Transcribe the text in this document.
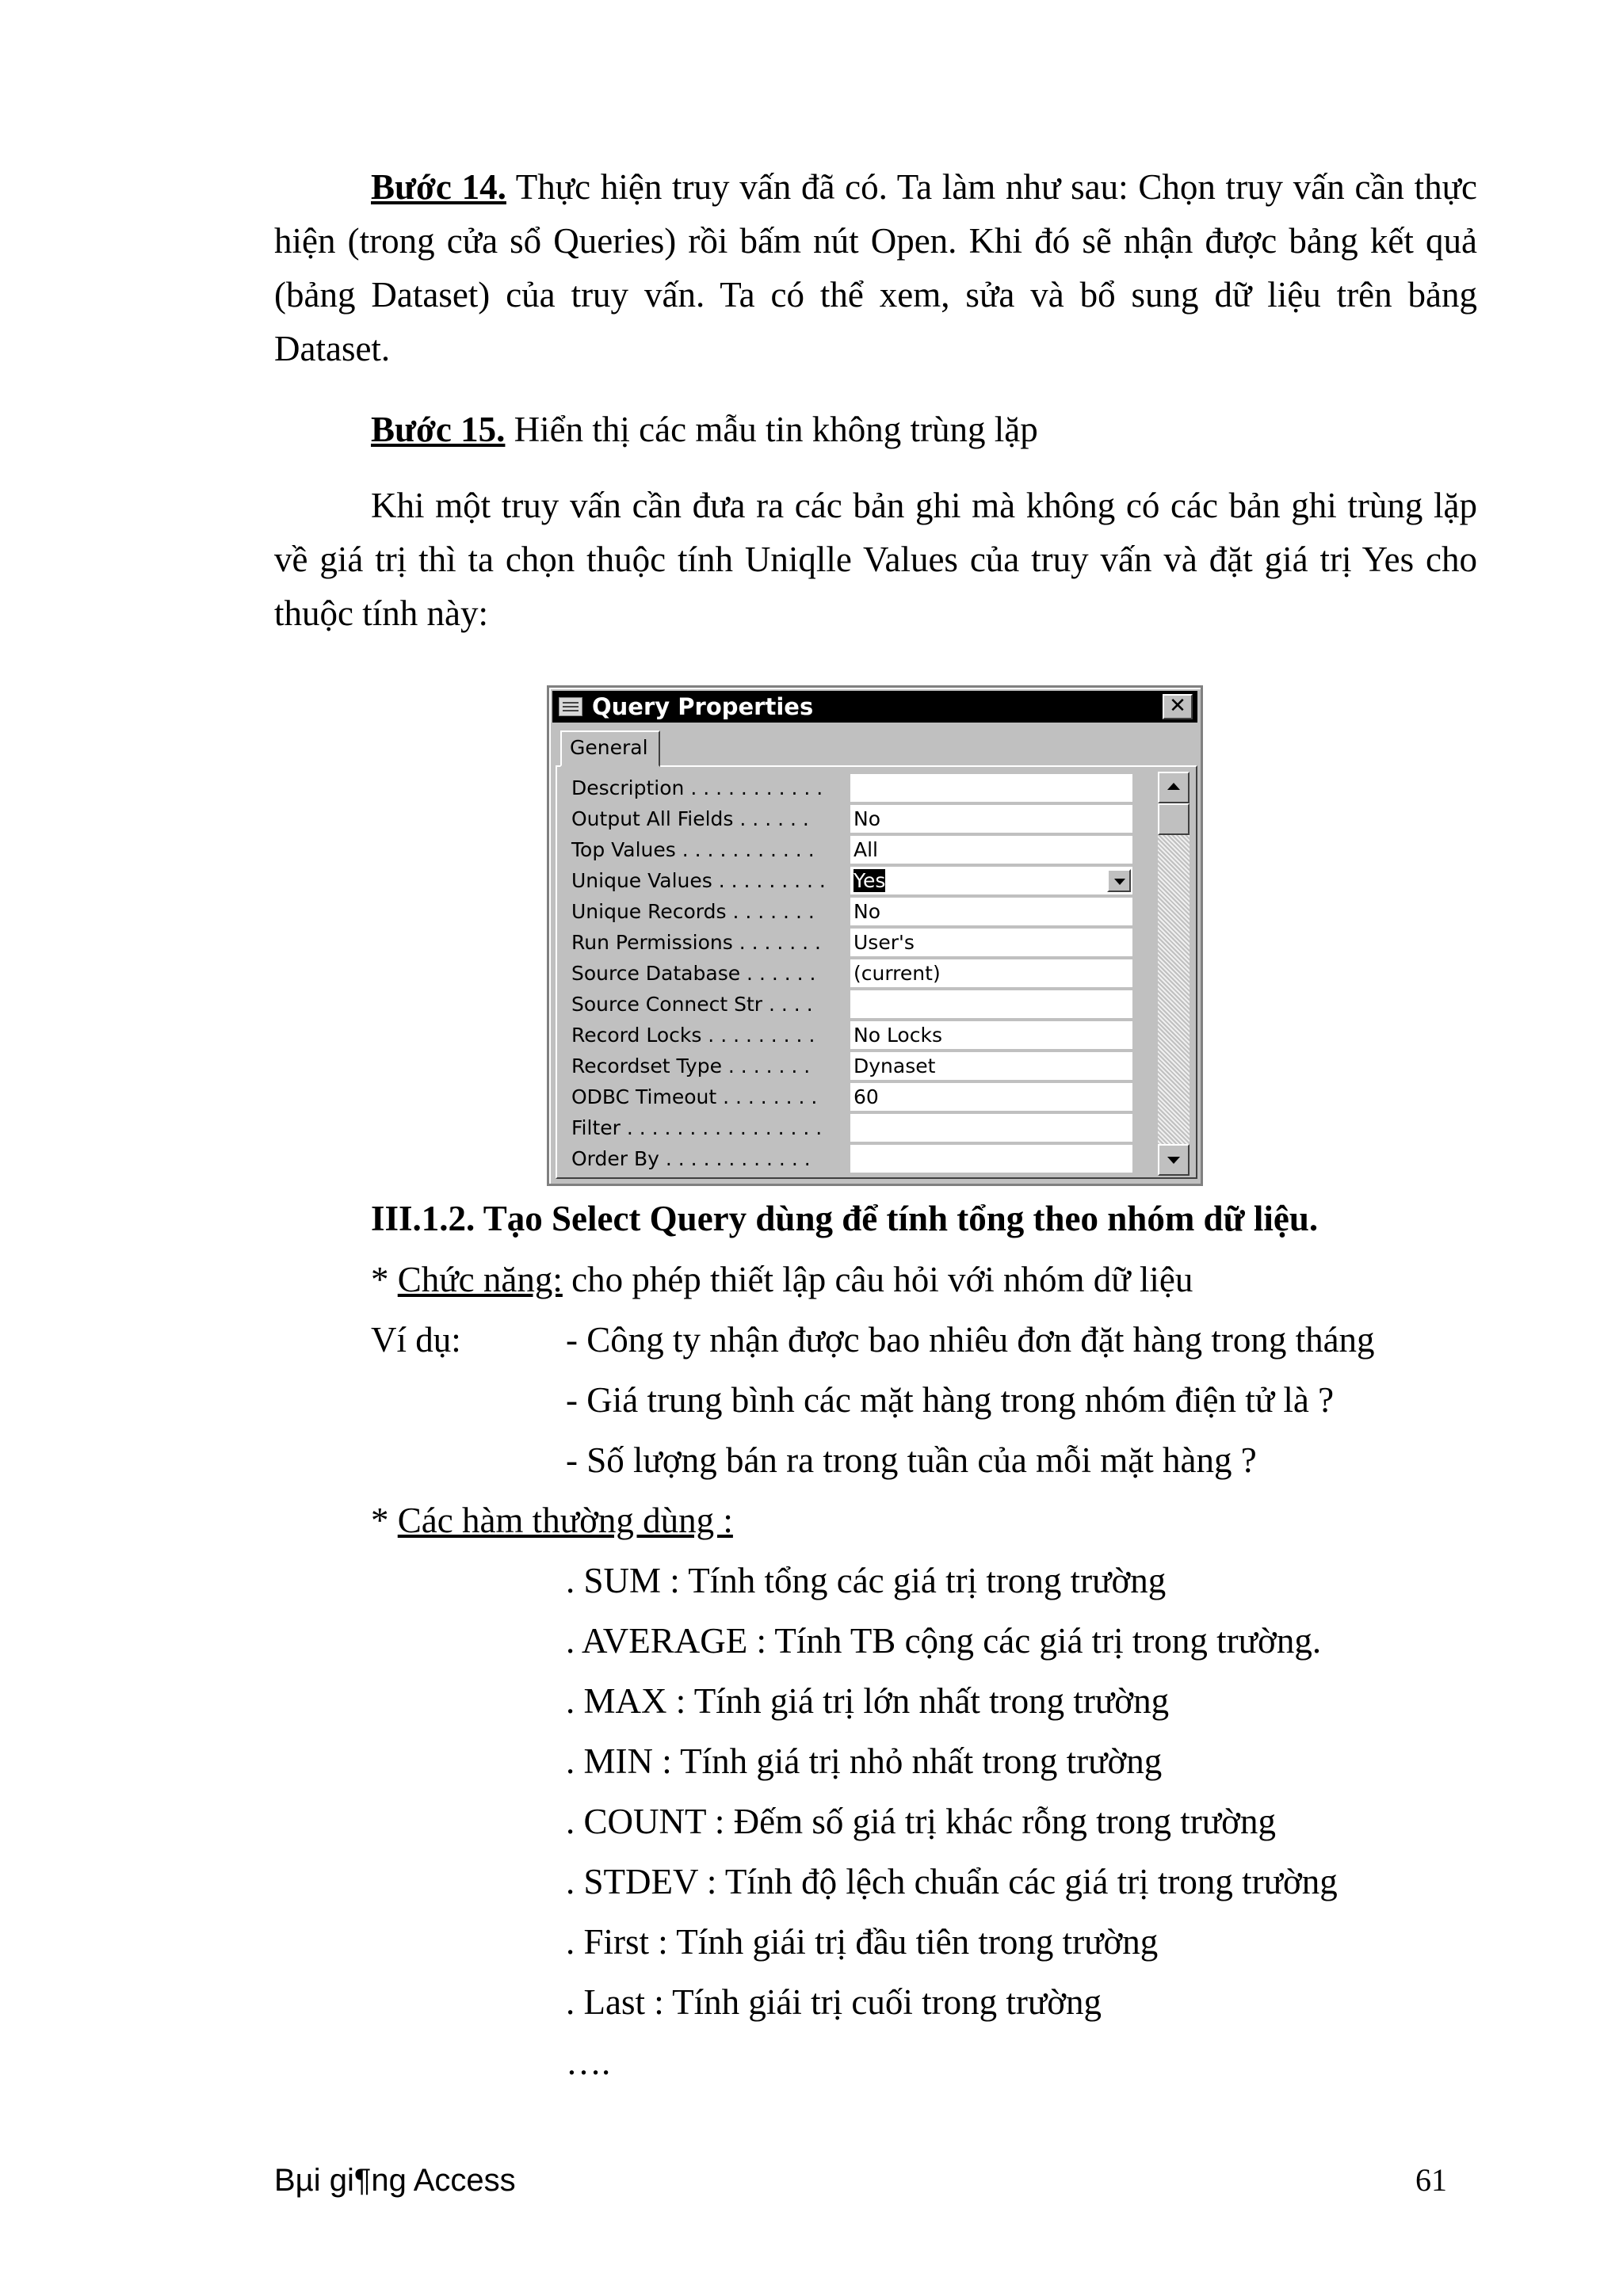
Bước 14. Thực hiện truy vấn đã có. Ta làm như sau: Chọn truy vấn cần thực hiện (trong cửa sổ Queries) rồi bấm nút Open. Khi đó sẽ nhận được bảng kết quả (bảng Dataset) của truy vấn. Ta có thể xem, sửa và bổ sung dữ liệu trên bảng Dataset.

Bước 15. Hiển thị các mẫu tin không trùng lặp

Khi một truy vấn cần đưa ra các bản ghi mà không có các bản ghi trùng lặp về giá trị thì ta chọn thuộc tính Uniqlle Values của truy vấn và đặt giá trị Yes cho thuộc tính này:

Query Properties	✕
General
Description . . . . . . . . . . .
Output All Fields . . . . . . No
Top Values . . . . . . . . . . . All
Unique Values . . . . . . . . . Yes
Unique Records . . . . . . . No
Run Permissions . . . . . . . User's
Source Database . . . . . . (current)
Source Connect Str . . . .
Record Locks . . . . . . . . . No Locks
Recordset Type . . . . . . . Dynaset
ODBC Timeout . . . . . . . . 60
Filter . . . . . . . . . . . . . . . .
Order By . . . . . . . . . . . .
III.1.2. Tạo Select Query dùng để tính tổng theo nhóm dữ liệu.
* Chức năng: cho phép thiết lập câu hỏi với nhóm dữ liệu
Ví dụ:	- Công ty nhận được bao nhiêu đơn đặt hàng trong tháng
- Giá trung bình các mặt hàng trong nhóm điện tử là ?
- Số lượng bán ra trong tuần của mỗi mặt hàng ?
* Các hàm thường dùng :
. SUM : Tính tổng các giá trị trong trường
. AVERAGE : Tính TB cộng các giá trị trong trường.
. MAX : Tính giá trị lớn nhất trong trường
. MIN : Tính giá trị nhỏ nhất trong trường
. COUNT : Đếm số giá trị khác rỗng trong trường
. STDEV : Tính độ lệch chuẩn các giá trị trong trường
. First : Tính giái trị đầu tiên trong trường
. Last : Tính giái trị cuối trong trường
….
Bµi gi¶ng Access	61
